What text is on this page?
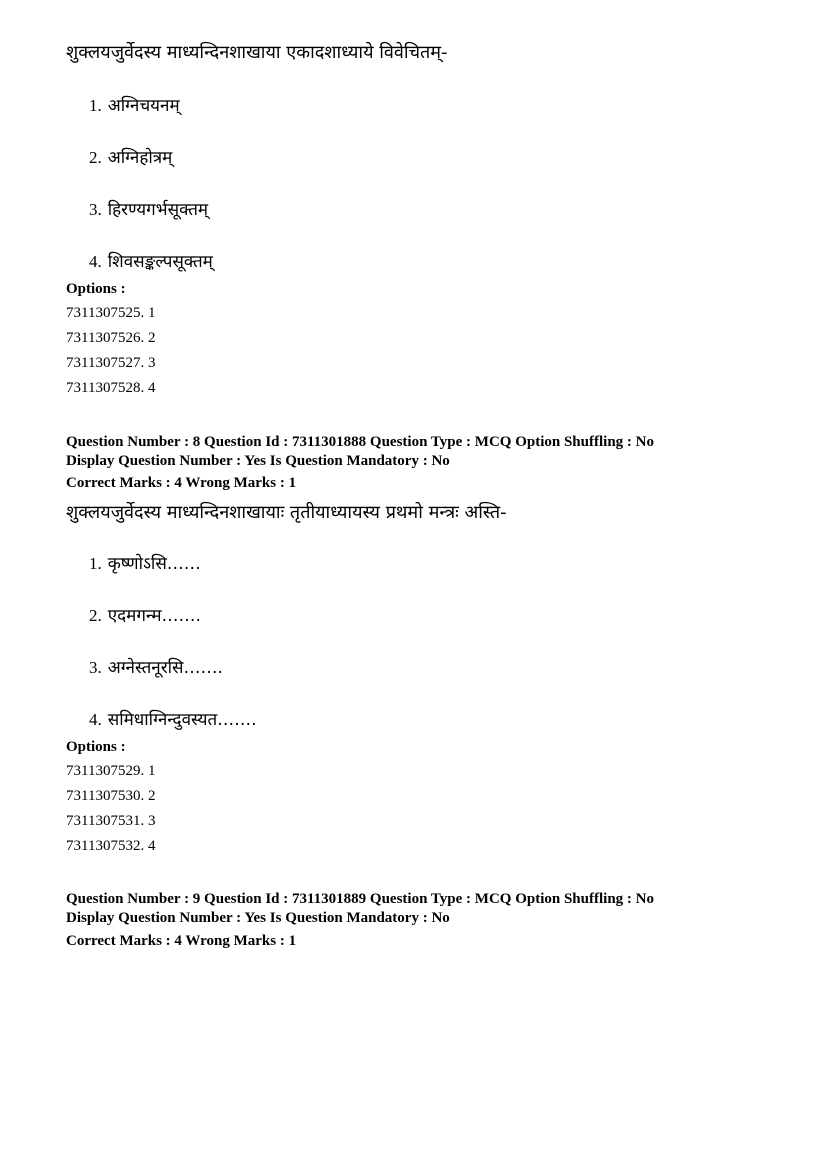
शुक्लयजुर्वेदस्य माध्यन्दिनशाखाया एकादशाध्याये विवेचितम्-
1. अग्निचयनम्
2. अग्निहोत्रम्
3. हिरण्यगर्भसूक्तम्
4. शिवसङ्कल्पसूक्तम्
Options :
7311307525. 1
7311307526. 2
7311307527. 3
7311307528. 4
Question Number : 8 Question Id : 7311301888 Question Type : MCQ Option Shuffling : No
Display Question Number : Yes Is Question Mandatory : No
Correct Marks : 4 Wrong Marks : 1
शुक्लयजुर्वेदस्य माध्यन्दिनशाखायाः तृतीयाध्यायस्य प्रथमो मन्त्रः अस्ति-
1. कृष्णोऽसि……
2. एदमगन्म…….
3. अग्नेस्तनूरसि…….
4. समिधाग्निन्दुवस्यत…….
Options :
7311307529. 1
7311307530. 2
7311307531. 3
7311307532. 4
Question Number : 9 Question Id : 7311301889 Question Type : MCQ Option Shuffling : No
Display Question Number : Yes Is Question Mandatory : No
Correct Marks : 4 Wrong Marks : 1
